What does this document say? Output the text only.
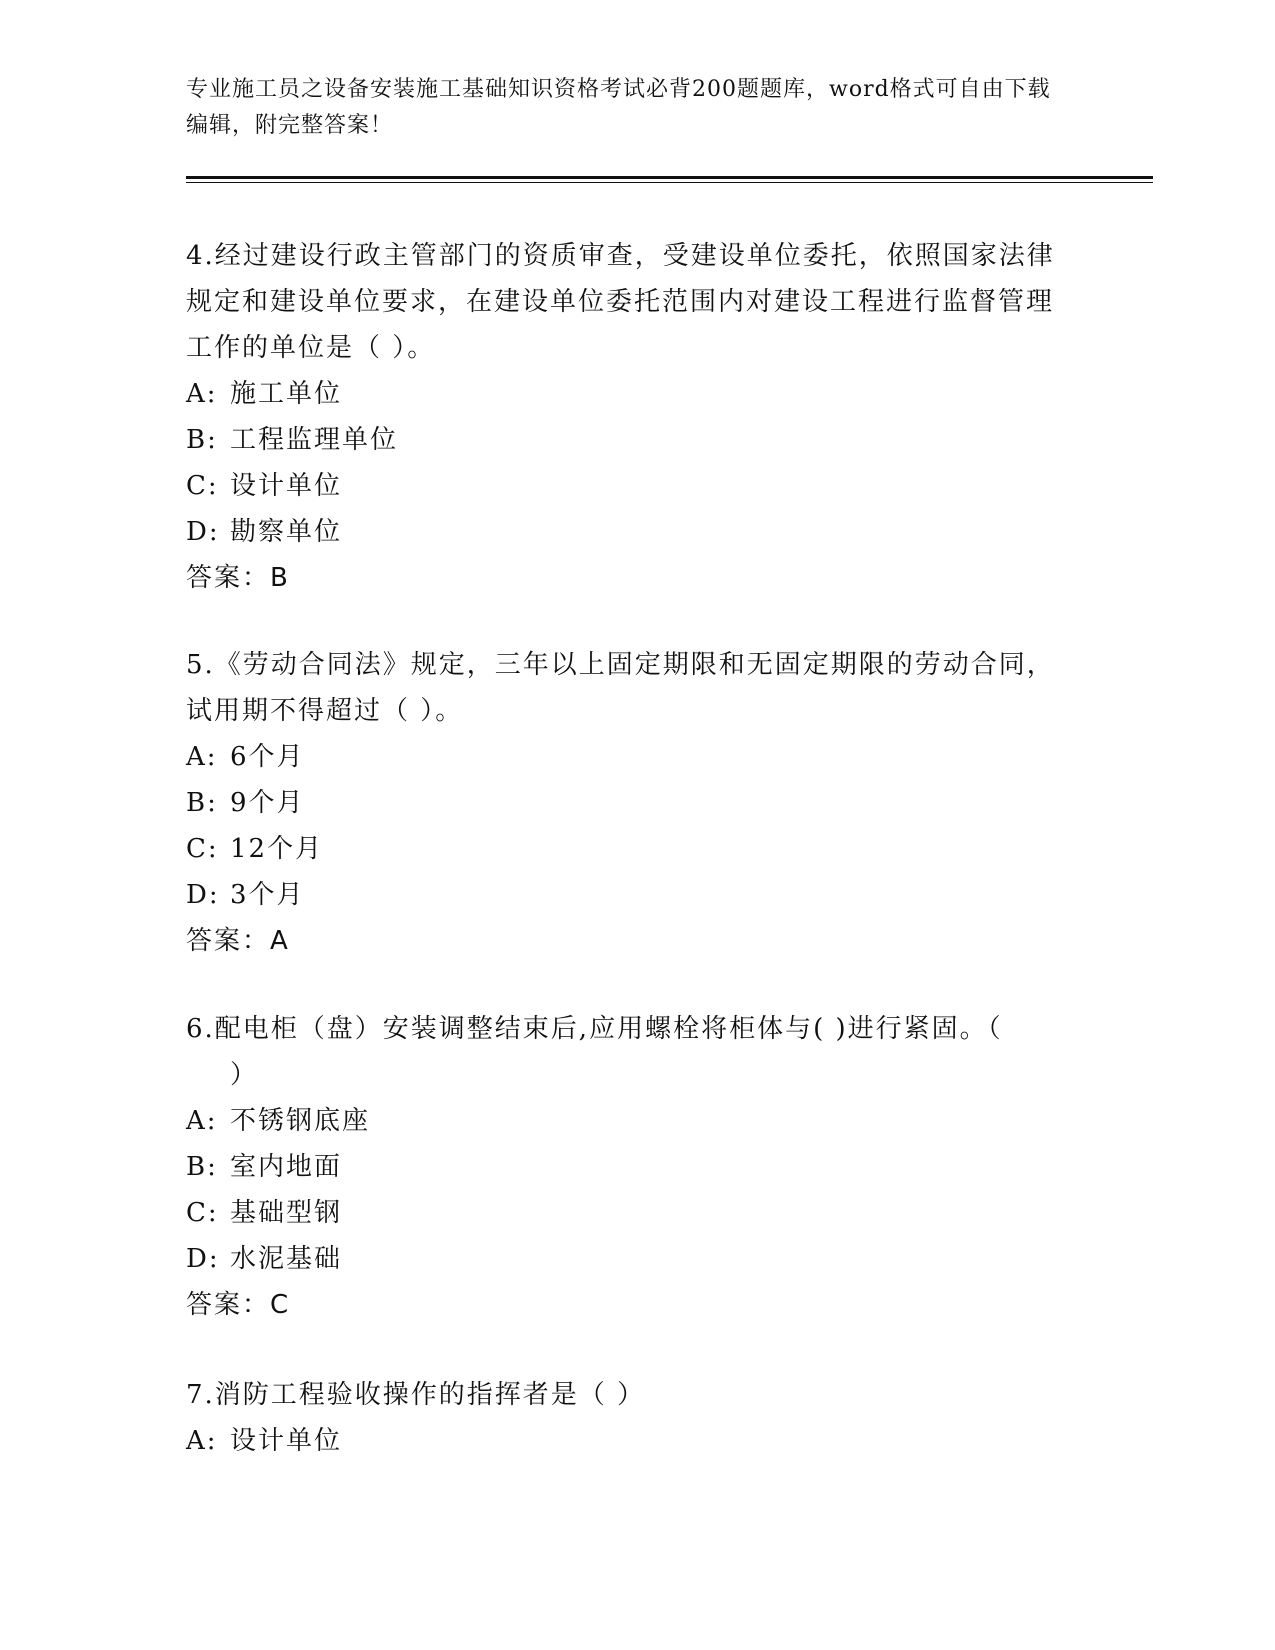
专业施工员之设备安装施工基础知识资格考试必背200题题库，word格式可自由下载编辑，附完整答案！

4.经过建设行政主管部门的资质审查，受建设单位委托，依照国家法律规定和建设单位要求，在建设单位委托范围内对建设工程进行监督管理工作的单位是（ ）。

A: 施工单位

B: 工程监理单位

C: 设计单位

D: 勘察单位

答案：B

5.《劳动合同法》规定，三年以上固定期限和无固定期限的劳动合同，试用期不得超过（ ）。

A: 6个月

B: 9个月

C: 12个月

D: 3个月

答案：A

6.配电柜（盘）安装调整结束后,应用螺栓将柜体与( )进行紧固。（
）

A: 不锈钢底座

B: 室内地面

C: 基础型钢

D: 水泥基础

答案：C

7.消防工程验收操作的指挥者是（ ）

A: 设计单位
